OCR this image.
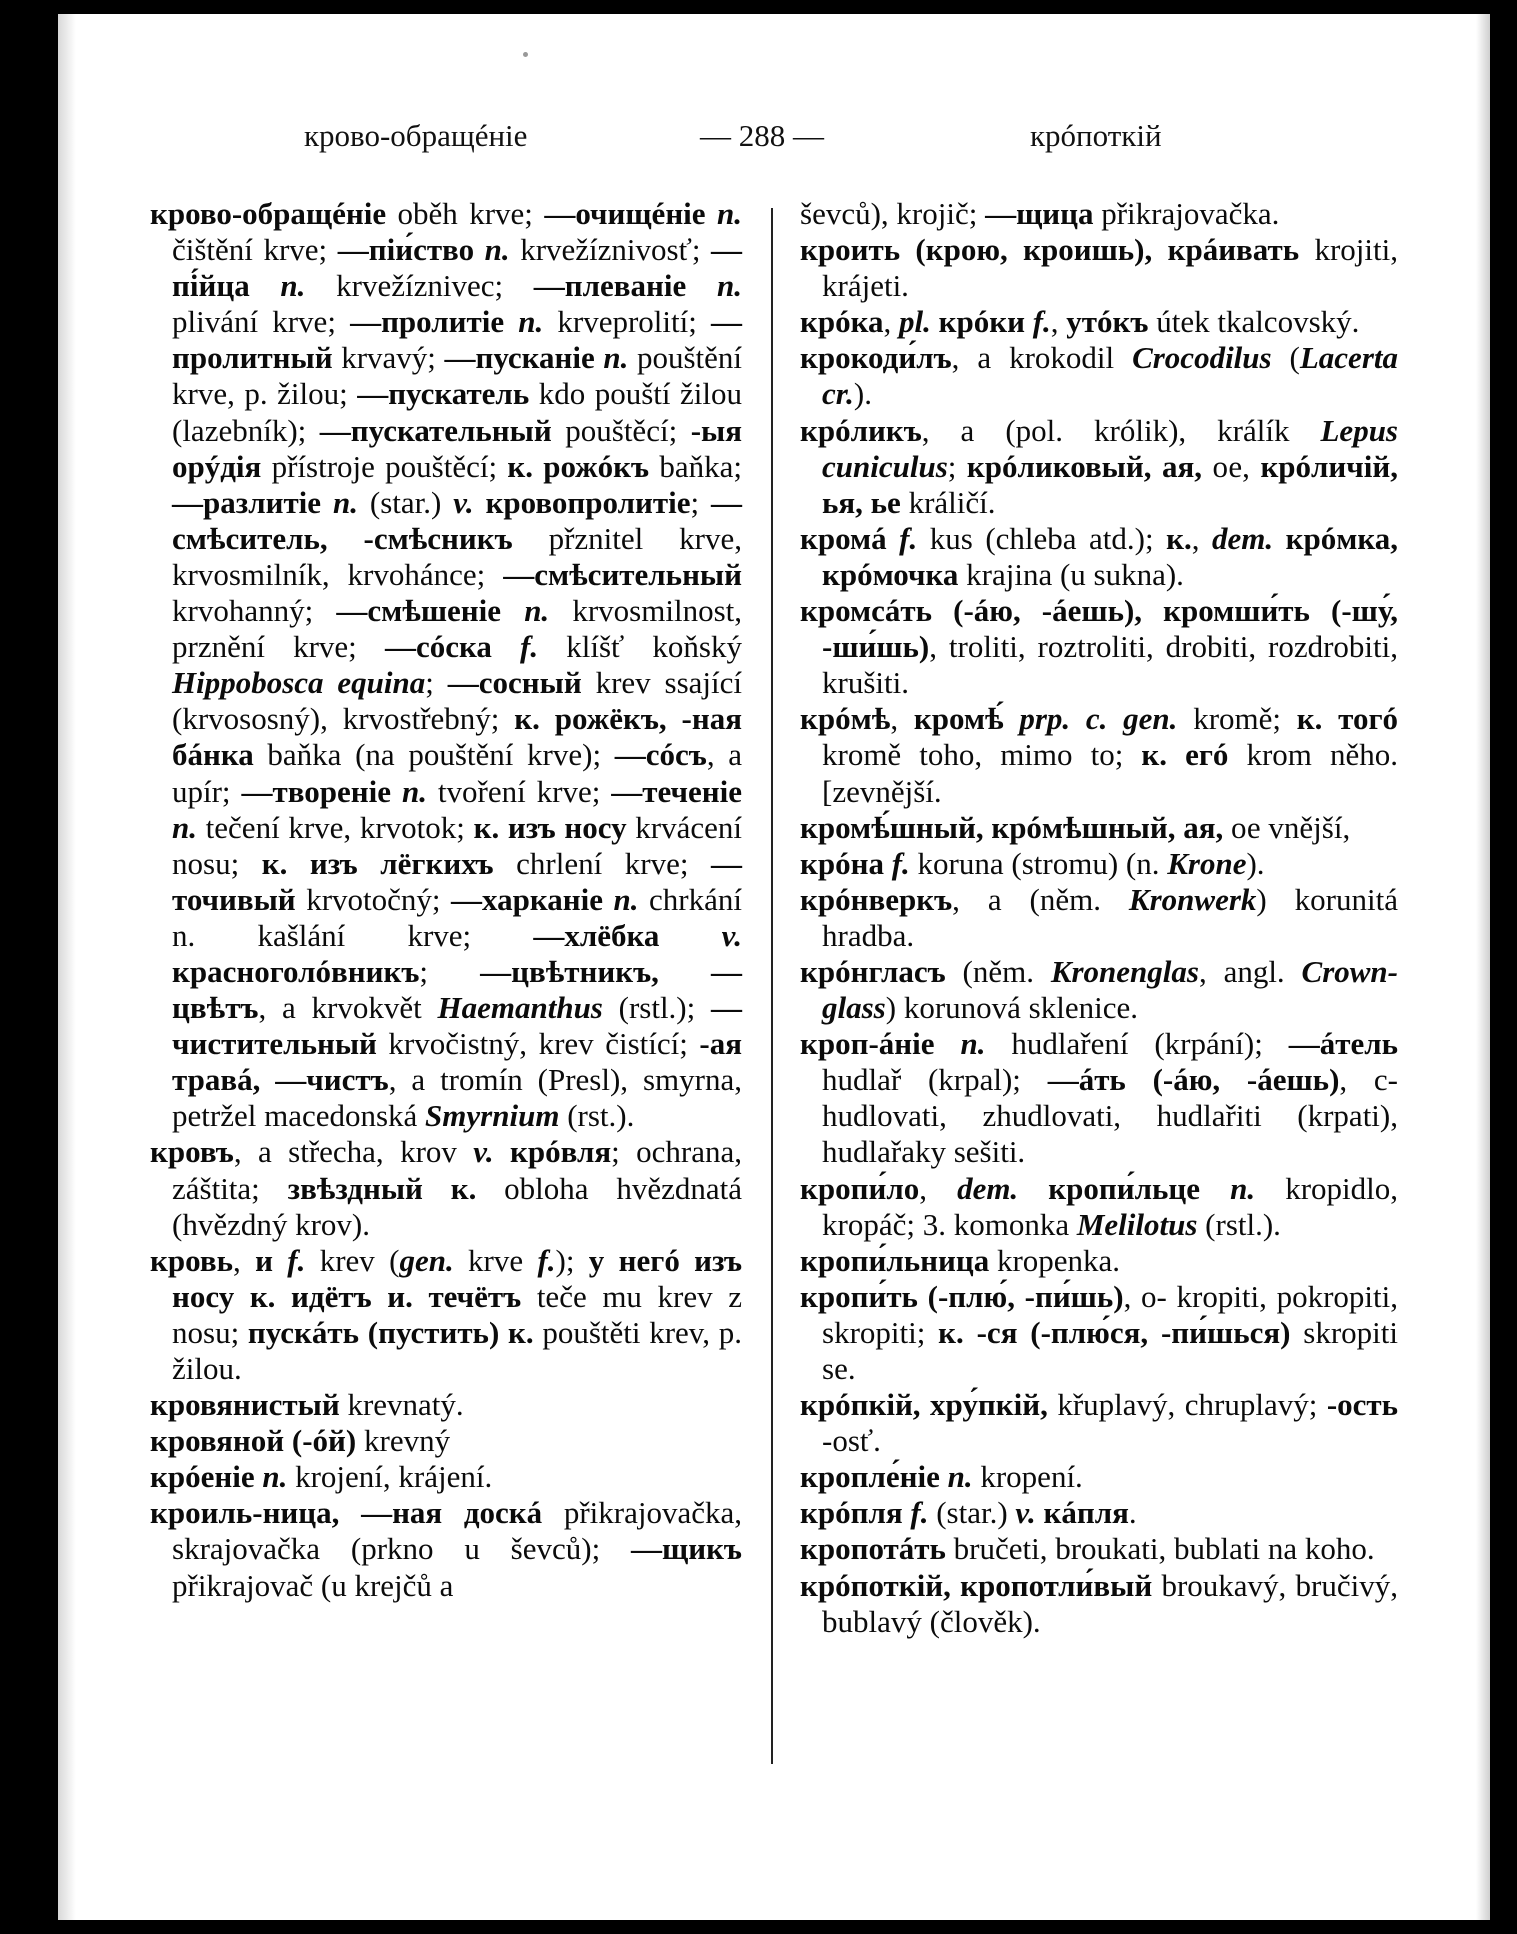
крово-обращéніе	— 288 —	крóпоткій

крово-обращéніе oběh krve; —очищéніе n. čištění krve; —піи́ство n. krvežíznivosť; —пі́йца n. krvežíznivec; —плеваніе n. plivání krve; —пролитіе n. krveprolití; —пролитный krvavý; —пусканіе n. pouštění krve, p. žilou; —пускатель kdo pouští žilou (lazebník); —пускательный pouštěcí; -ыя орýдія přístroje pouštěcí; к. рожóкъ baňka; —разлитіе n. (star.) v. кровопролитіе; —смѣситель, -смѣсникъ přznitel krve, krvosmilník, krvohánce; —смѣсительный krvohanný; —смѣшеніе n. krvosmilnost, prznění krve; —сóска f. klíšť koňský Hippobosca equina; —сосный krev ssající (krvososný), krvostřebný; к. рожёкъ, -ная бáнка baňka (na pouštění krve); —сóсъ, a upír; —твореніе n. tvoření krve; —теченіе n. tečení krve, krvotok; к. изъ носу krvácení nosu; к. изъ лёгкихъ chrlení krve; —точивый krvotočný; —харканіе n. chrkání n. kašlání krve; —хлёбка v. красноголóвникъ; —цвѣтникъ, —цвѣтъ, a krvokvět Haemanthus (rstl.); —чистительный krvočistný, krev čistící; -ая травá, —чистъ, a tromín (Presl), smyrna, petržel macedonská Smyrnium (rst.).

кровъ, a střecha, krov v. крóвля; ochrana, záštita; звѣздный к. obloha hvězdnatá (hvězdný krov).

кровь, и f. krev (gen. krve f.); у негó изъ носу к. идётъ и. течётъ teče mu krev z nosu; пускáть (пустить) к. pouštěti krev, p. žilou.

кровянистый krevnatý.

кровяной (-óй) krevný

крóеніе n. krojení, krájení.

кроиль-ница, —ная доскá přikrajovačka, skrajovačka (prkno u ševců); —щикъ přikrajovač (u krejčů a

ševců), krojič; —щица přikrajovačka.

кроить (крою, кроишь), крáивать krojiti, krájeti.

крóка, pl. крóки f., утóкъ útek tkalcovský.

крокоди́лъ, a krokodil Crocodilus (Lacerta cr.).

крóликъ, a (pol. królik), králík Lepus cuniculus; крóликовый, ая, ое, крóличій, ья, ье králičí.

кромá f. kus (chleba atd.); к., dem. крóмка, крóмочка krajina (u sukna).

кромсáть (-áю, -áешь), кромши́ть (-шу́, -ши́шь), troliti, roztroliti, drobiti, rozdrobiti, krušiti.

крóмѣ, кромѣ́ prp. c. gen. kromě; к. тогó kromě toho, mimo to; к. егó krom něho. [zevnější.

кромѣ́шный, крóмѣшный, ая, ое vnější,

крóна f. koruna (stromu) (n. Krone).

крóнверкъ, a (něm. Kronwerk) korunitá hradba.

крóнгласъ (něm. Kronenglas, angl. Crown-glass) korunová sklenice.

кроп-áніе n. hudlaření (krpání); —áтель hudlař (krpal); —áть (-áю, -áешь), с- hudlovati, zhudlovati, hudlařiti (krpati), hudlařaky sešiti.

кропи́ло, dem. кропи́льце n. kropidlo, kropáč; 3. komonka Melilotus (rstl.).

кропи́льница kropenka.

кропи́ть (-плю́, -пи́шь), о- kropiti, pokropiti, skropiti; к. -ся (-плю́ся, -пи́шься) skropiti se.

крóпкій, хру́пкій, křuplavý, chruplavý; -ость -osť.

кропле́ніе n. kropení.

крóпля f. (star.) v. кáпля.

кропотáть bručeti, broukati, bublati na koho.

крóпоткій, кропотли́вый broukavý, bručivý, bublavý (člověk).
